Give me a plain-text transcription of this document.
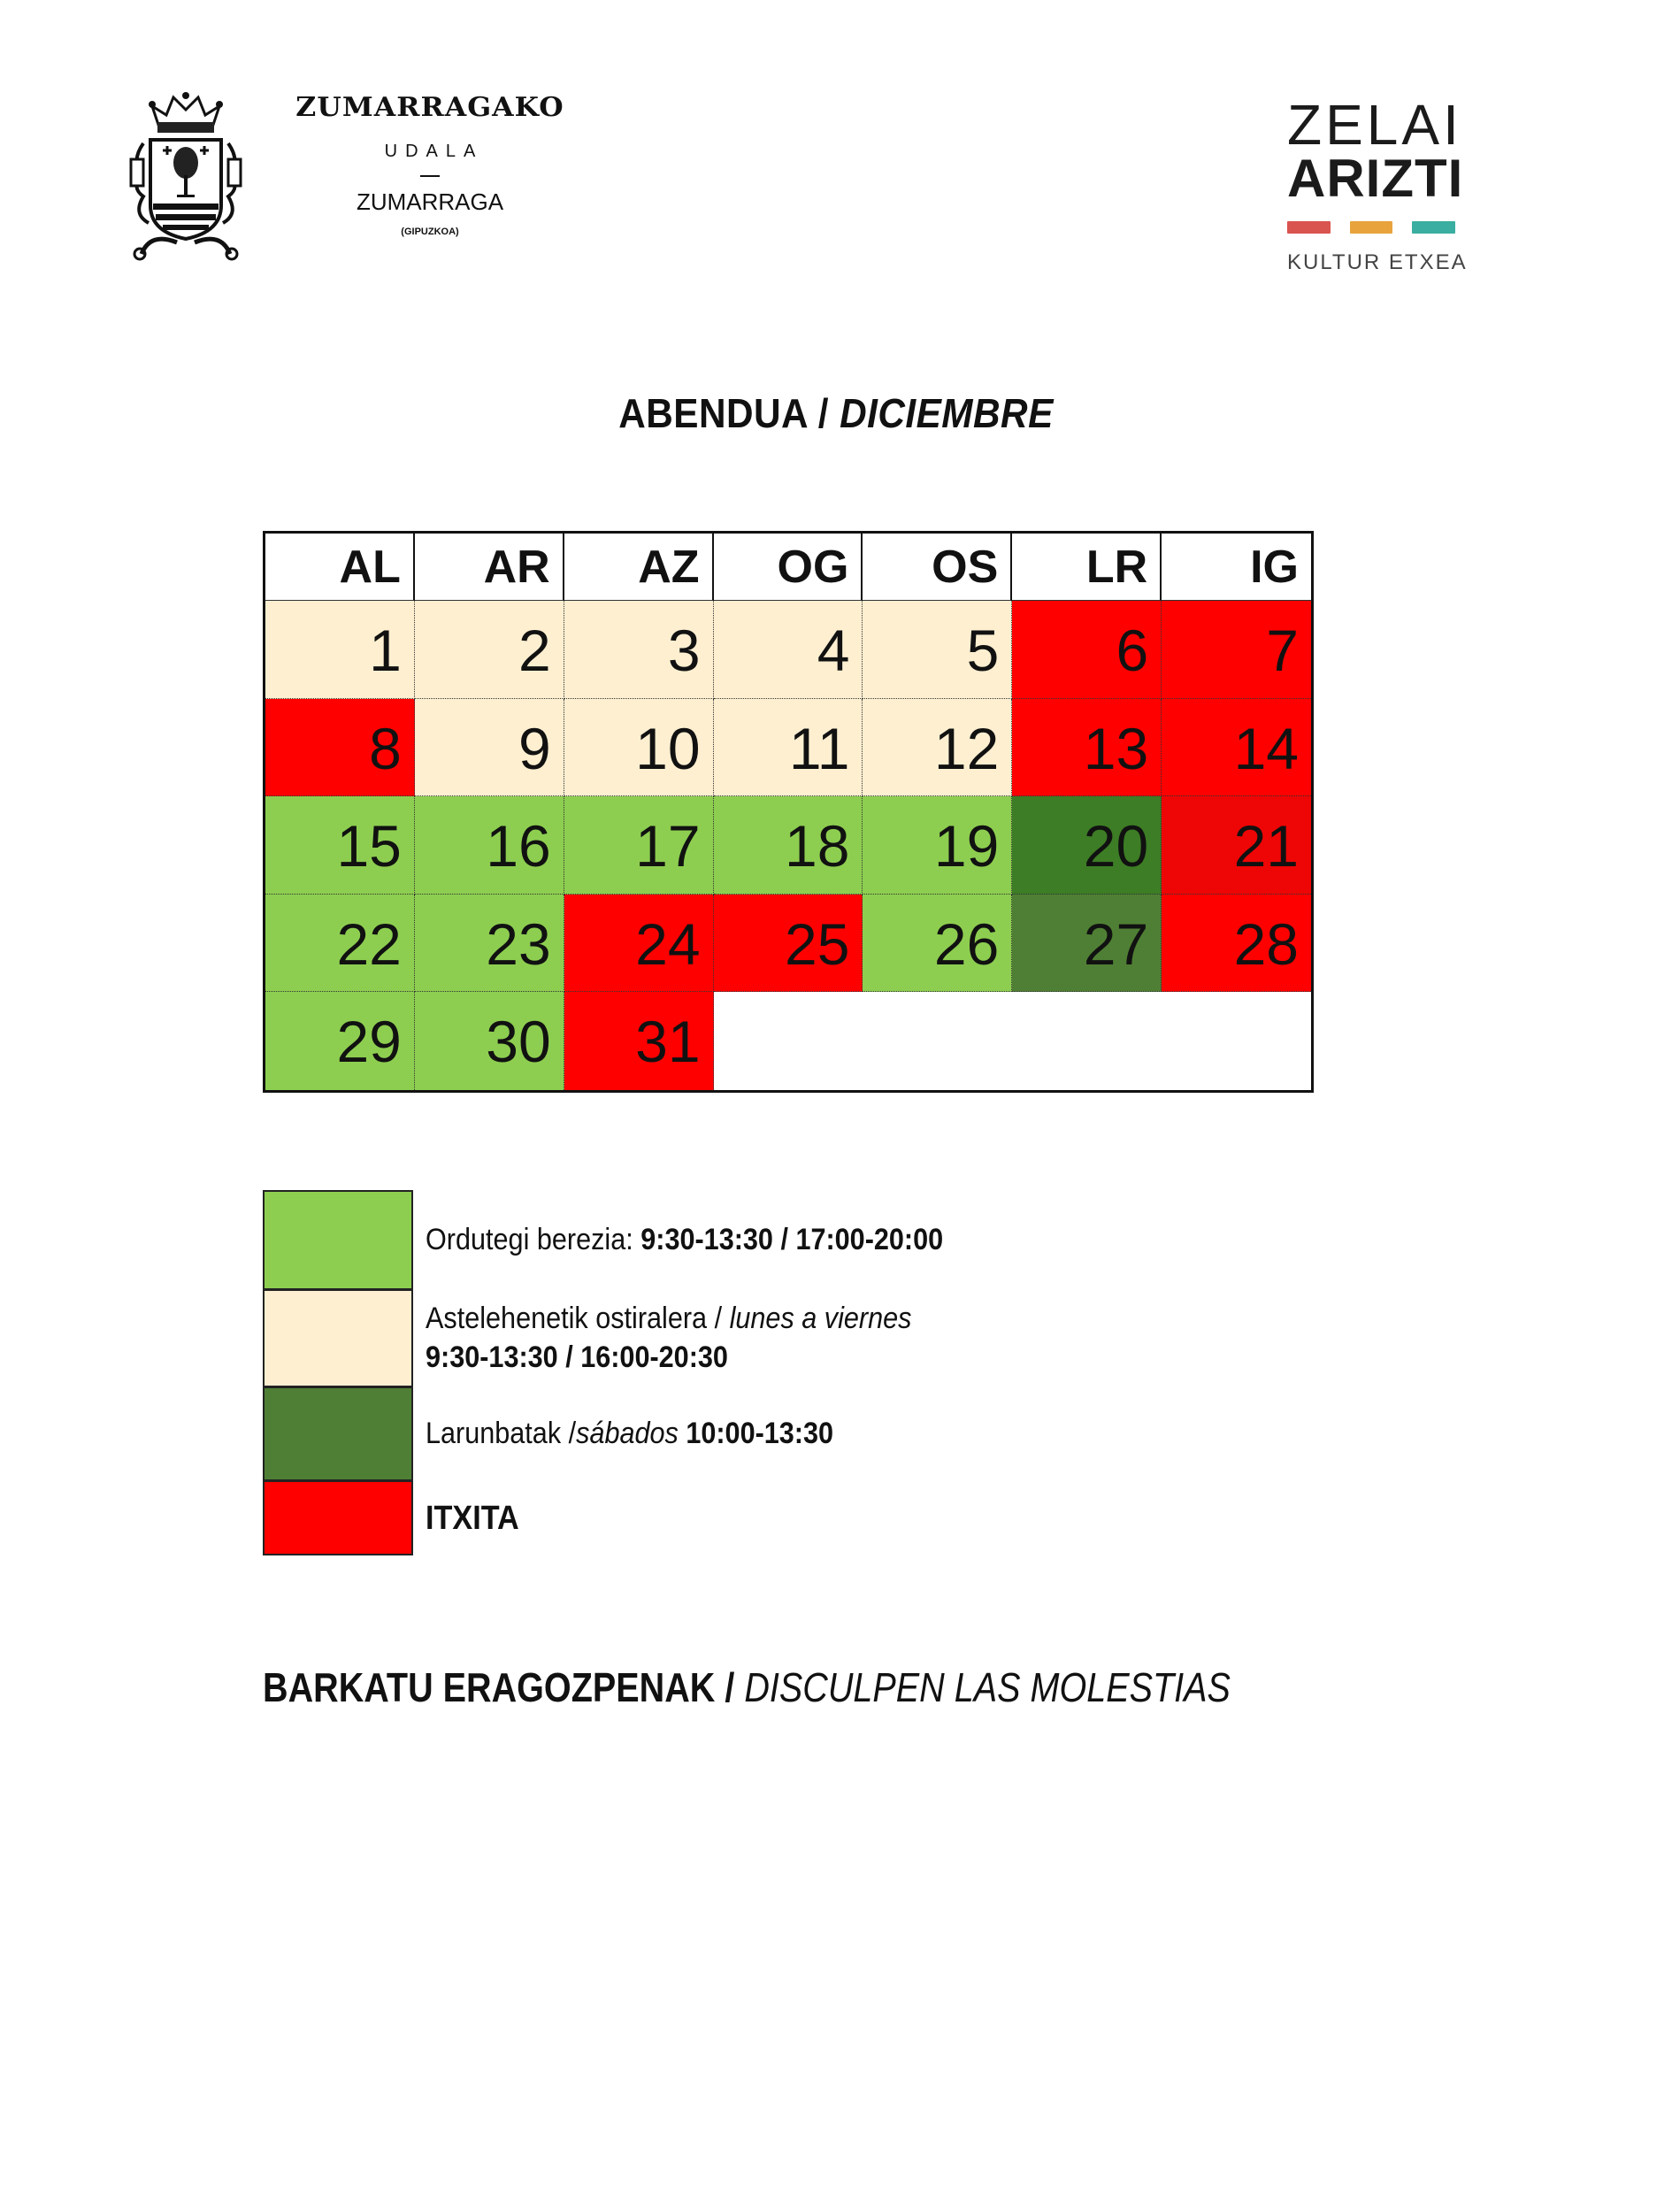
ZUMARRAGAKO
UDALA
ZUMARRAGA
(GIPUZKOA)
ZELAI
ARIZTI
KULTUR ETXEA
ABENDUA / DICIEMBRE
AL	AR	AZ	OG	OS	LR	IG
1	2	3	4	5	6	7
8	9	10	11	12	13	14
15	16	17	18	19	20	21
22	23	24	25	26	27	28
29	30	31
Ordutegi berezia: 9:30-13:30 / 17:00-20:00
Astelehenetik ostiralera / lunes a viernes
9:30-13:30 / 16:00-20:30
Larunbatak /sábados 10:00-13:30
ITXITA
BARKATU ERAGOZPENAK / DISCULPEN LAS MOLESTIAS
